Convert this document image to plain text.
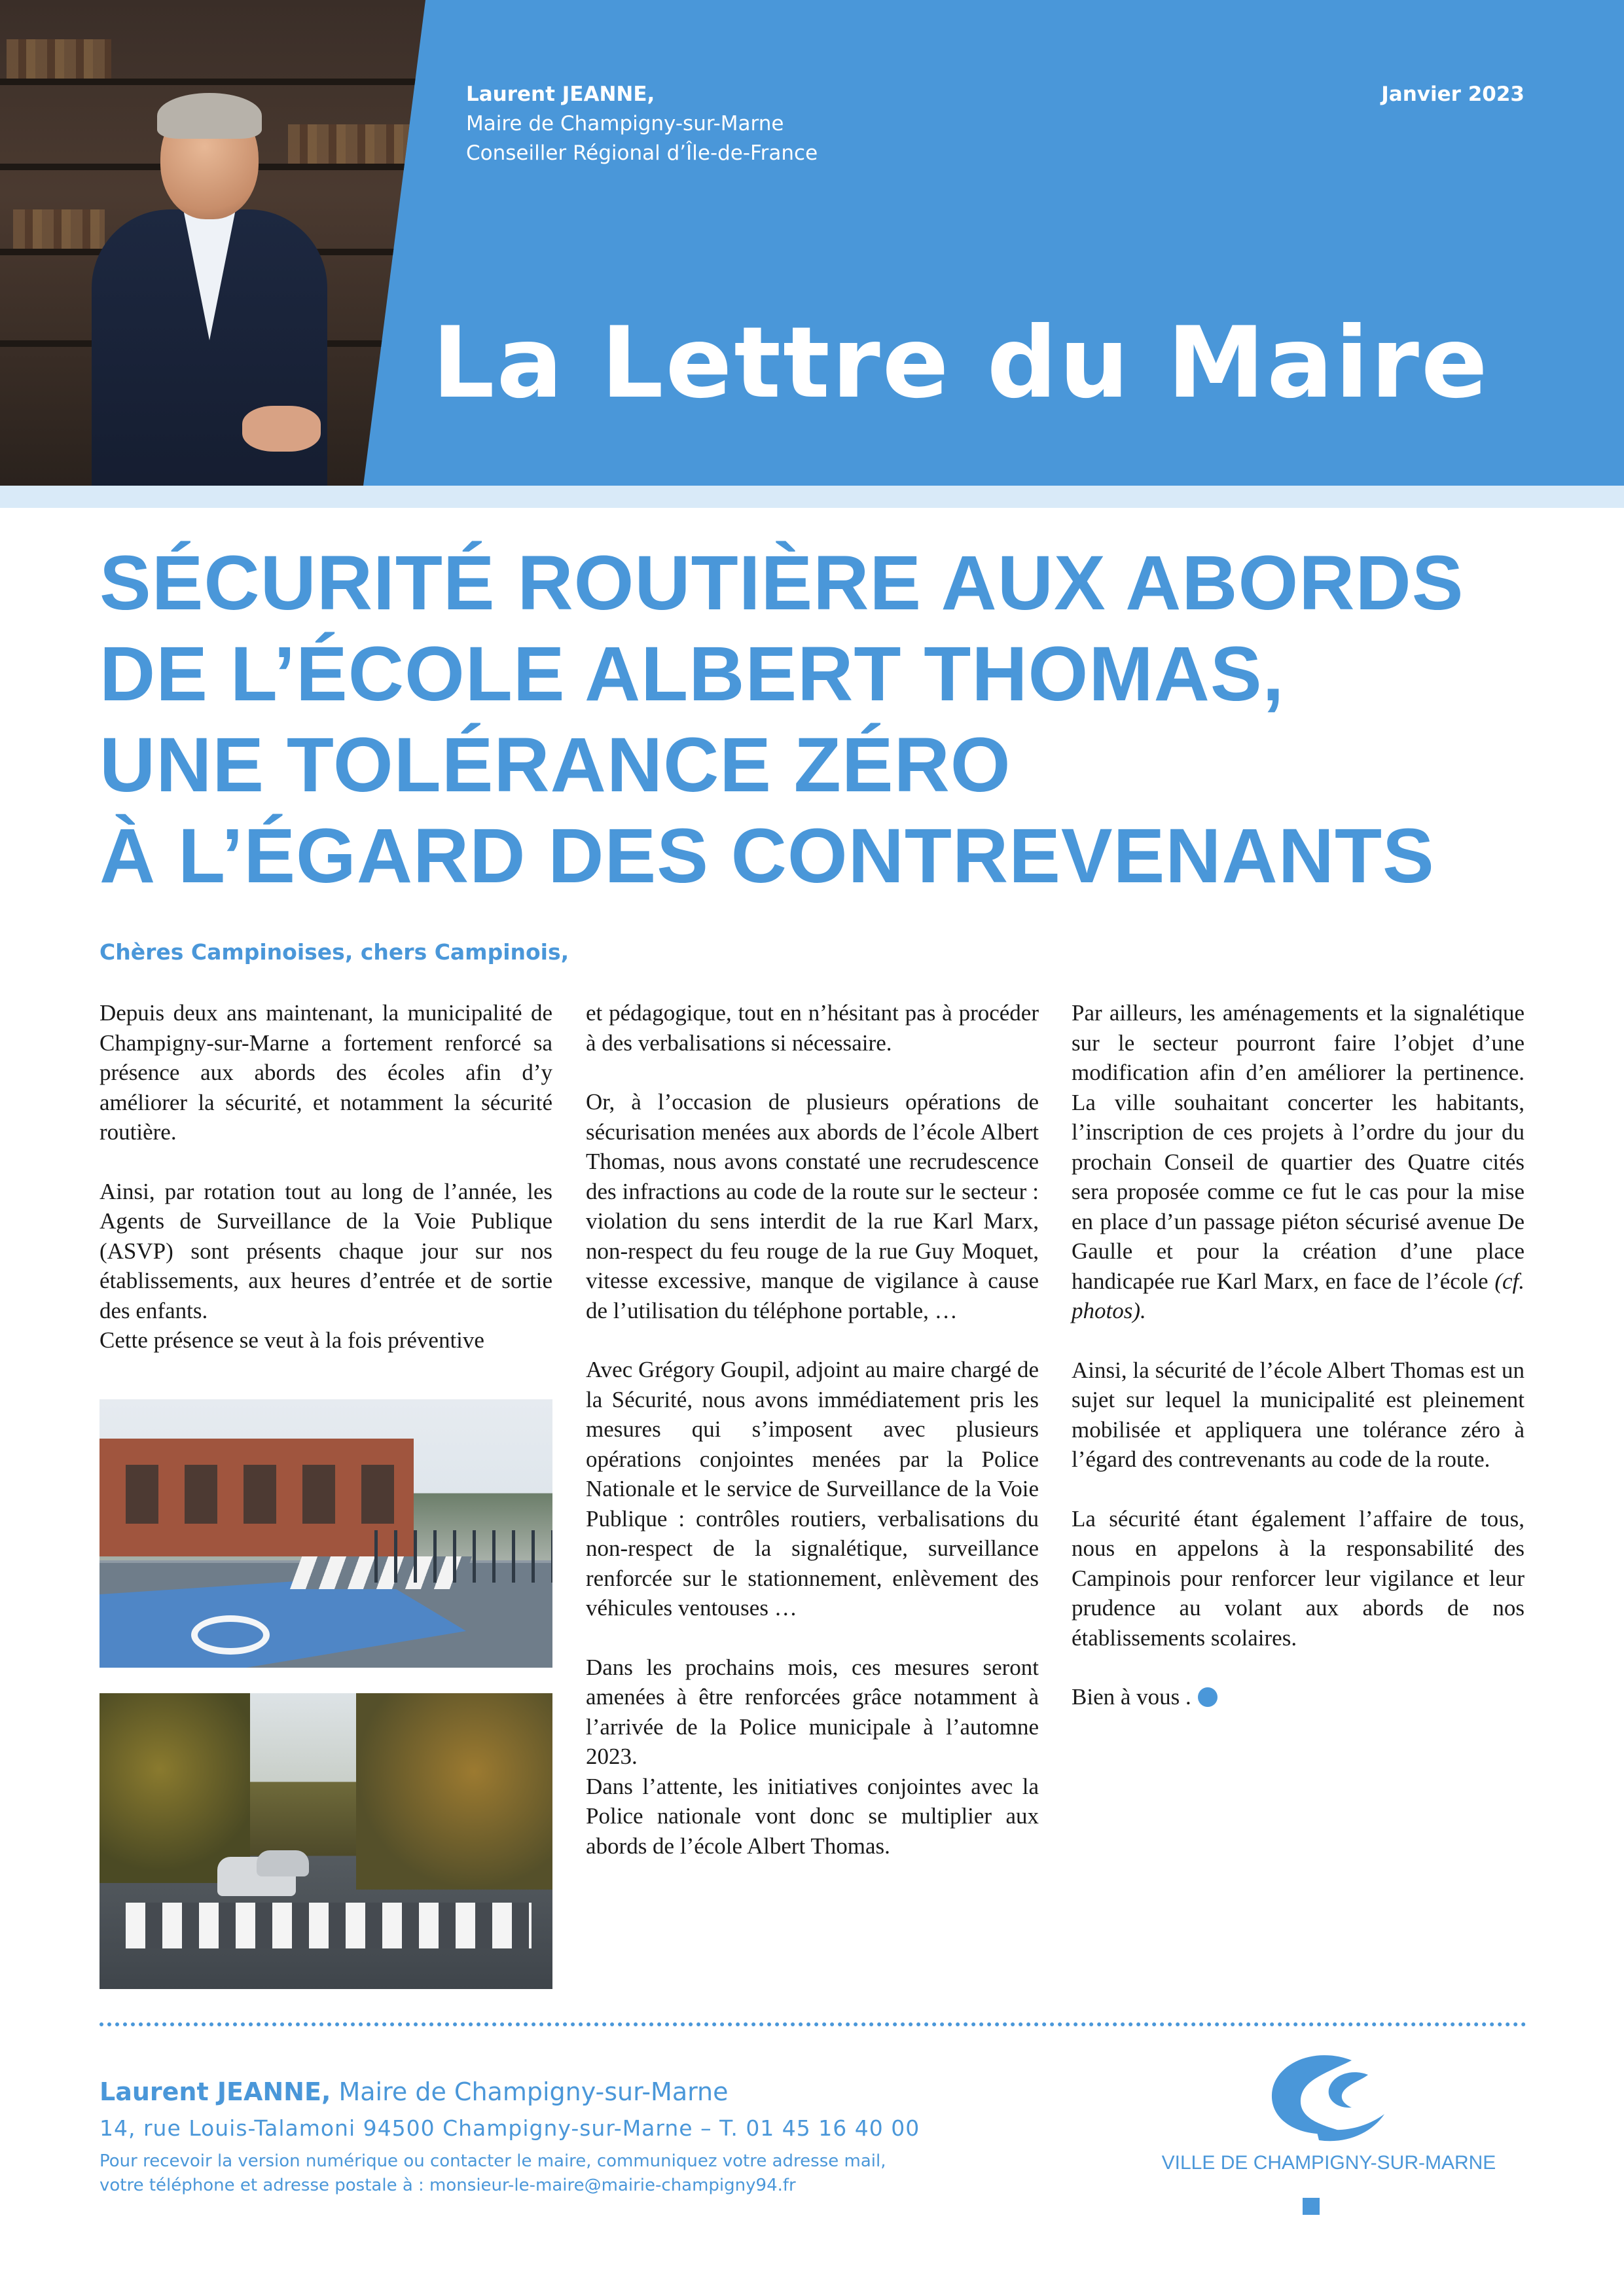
Laurent JEANNE,
Maire de Champigny-sur-Marne
Conseiller Régional d’Île-de-France
Janvier 2023
La Lettre du Maire
SÉCURITÉ ROUTIÈRE AUX ABORDS
DE L’ÉCOLE ALBERT THOMAS,
UNE TOLÉRANCE ZÉRO
À L’ÉGARD DES CONTREVENANTS
Chères Campinoises, chers Campinois,

Depuis deux ans maintenant, la municipalité de Champigny-sur-Marne a fortement renforcé sa présence aux abords des écoles afin d’y améliorer la sécurité, et notamment la sécurité routière.

Ainsi, par rotation tout au long de l’année, les Agents de Surveillance de la Voie Publique (ASVP) sont présents chaque jour sur nos établissements, aux heures d’entrée et de sortie des enfants.

Cette présence se veut à la fois préventive

et pédagogique, tout en n’hésitant pas à procéder à des verbalisations si nécessaire.

Or, à l’occasion de plusieurs opérations de sécurisation menées aux abords de l’école Albert Thomas, nous avons constaté une recrudescence des infractions au code de la route sur le secteur : violation du sens interdit de la rue Karl Marx, non-respect du feu rouge de la rue Guy Moquet, vitesse excessive, manque de vigilance à cause de l’utilisation du téléphone portable, …

Avec Grégory Goupil, adjoint au maire chargé de la Sécurité, nous avons immédiatement pris les mesures qui s’imposent avec plusieurs opérations conjointes menées par la Police Nationale et le service de Surveillance de la Voie Publique : contrôles routiers, verbalisations du non-respect de la signalétique, surveillance renforcée sur le stationnement, enlèvement des véhicules ventouses …

Dans les prochains mois, ces mesures seront amenées à être renforcées grâce notamment à l’arrivée de la Police municipale à l’automne 2023.

Dans l’attente, les initiatives conjointes avec la Police nationale vont donc se multiplier aux abords de l’école Albert Thomas.

Par ailleurs, les aménagements et la signalétique sur le secteur pourront faire l’objet d’une modification afin d’en améliorer la pertinence. La ville souhaitant concerter les habitants, l’inscription de ces projets à l’ordre du jour du prochain Conseil de quartier des Quatre cités sera proposée comme ce fut le cas pour la mise en place d’un passage piéton sécurisé avenue De Gaulle et pour la création d’une place handicapée rue Karl Marx, en face de l’école (cf. photos).

Ainsi, la sécurité de l’école Albert Thomas est un sujet sur lequel la municipalité est pleinement mobilisée et appliquera une tolérance zéro à l’égard des contrevenants au code de la route.

La sécurité étant également l’affaire de tous, nous en appelons à la responsabilité des Campinois pour renforcer leur vigilance et leur prudence au volant aux abords de nos établissements scolaires.

Bien à vous .

Laurent JEANNE, Maire de Champigny-sur-Marne
14, rue Louis-Talamoni 94500 Champigny-sur-Marne – T. 01 45 16 40 00
Pour recevoir la version numérique ou contacter le maire, communiquez votre adresse mail,
votre téléphone et adresse postale à : monsieur-le-maire@mairie-champigny94.fr
VILLE DE CHAMPIGNY-SUR-MARNE
